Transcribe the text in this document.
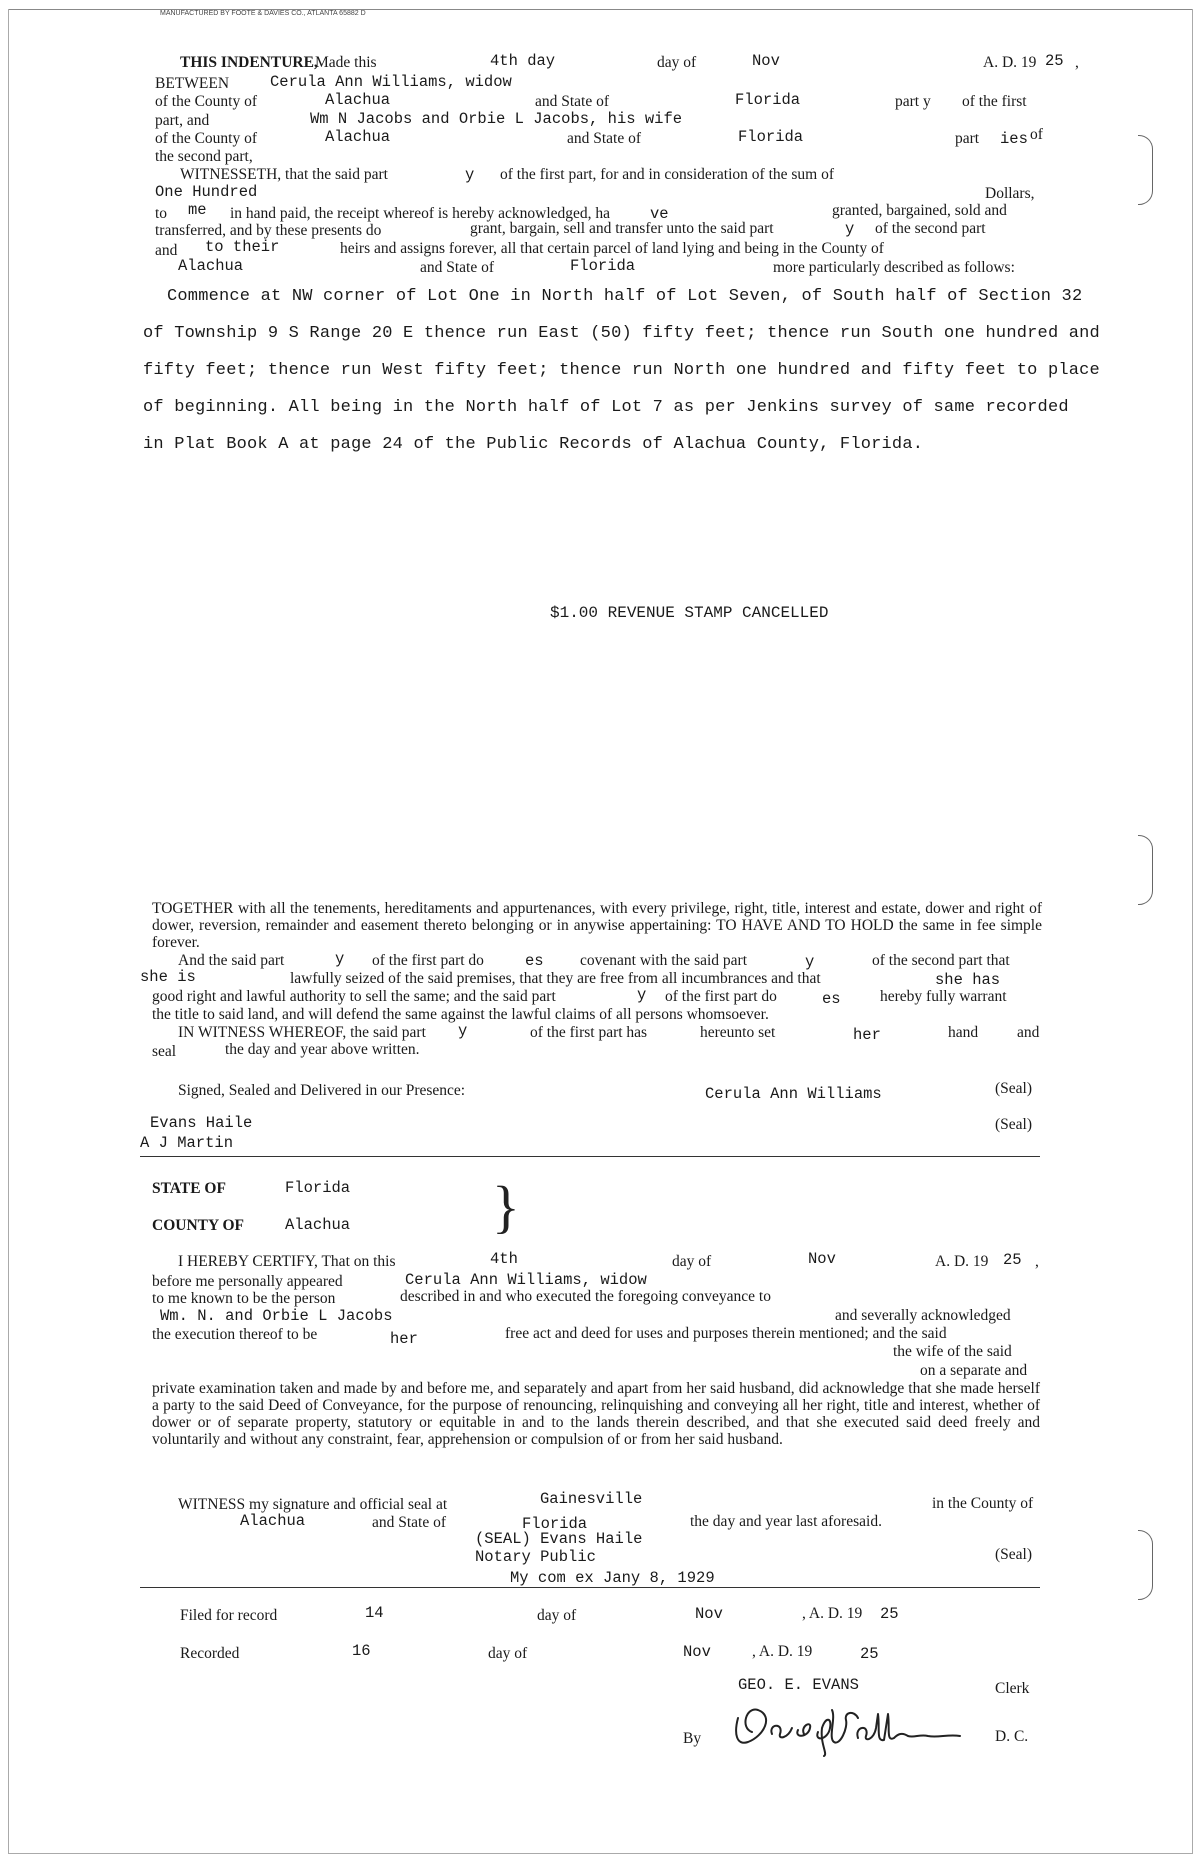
MANUFACTURED BY FOOTE & DAVIES CO., ATLANTA 65882 D
THIS INDENTURE,
Made this	4th day	day of	Nov	A. D. 19 25 ,
BETWEEN	Cerula Ann Williams, widow
of the County of	Alachua	and State of	Florida	part y of the first
part, and	Wm N Jacobs and Orbie L Jacobs, his wife
of the County of	Alachua	and State of	Florida	part ies of
the second part,
WITNESSETH, that the said part	y of the first part, for and in consideration of the sum of
One Hundred	Dollars,
to me in hand paid, the receipt whereof is hereby acknowledged, ha	ve	granted, bargained, sold and
transferred, and by these presents do	grant, bargain, sell and transfer unto the said part	y of the second part
and to their	heirs and assigns forever, all that certain parcel of land lying and being in the County of
Alachua	and State of	Florida	more particularly described as follows:
Commence at NW corner of Lot One in North half of Lot Seven, of South half of Section 32
of Township 9 S Range 20 E thence run East (50) fifty feet; thence run South one hundred and
fifty feet; thence run West fifty feet; thence run North one hundred and fifty feet to place
of beginning. All being in the North half of Lot 7 as per Jenkins survey of same recorded
in Plat Book A at page 24 of the Public Records of Alachua County, Florida.
$1.00 REVENUE STAMP CANCELLED
TOGETHER with all the tenements, hereditaments and appurtenances, with every privilege, right, title, interest and estate, dower and right of dower, reversion, remainder and easement thereto belonging or in anywise appertaining: TO HAVE AND TO HOLD the same in fee simple forever.
And the said part	y of the first part do	es covenant with the said part	y	of the second part that
she is	lawfully seized of the said premises, that they are free from all incumbrances and that	she has
good right and lawful authority to sell the same; and the said part	y of the first part do	es	hereby fully warrant
the title to said land, and will defend the same against the lawful claims of all persons whomsoever.
IN WITNESS WHEREOF, the said part y	of the first part has	hereunto set	her	hand	and
seal	the day and year above written.
Signed, Sealed and Delivered in our Presence:	Cerula Ann Williams	(Seal)
Evans Haile	(Seal)
A J Martin
STATE OF	Florida
COUNTY OF	Alachua }
I HEREBY CERTIFY, That on this	4th	day of	Nov	A. D. 19 25 ,
before me personally appeared	Cerula Ann Williams, widow
to me known to be the person	described in and who executed the foregoing conveyance to
Wm. N. and Orbie L Jacobs	and severally acknowledged
the execution thereof to be	her	free act and deed for uses and purposes therein mentioned; and the said
the wife of the said
on a separate and
private examination taken and made by and before me, and separately and apart from her said husband, did acknowledge that she made herself a party to the said Deed of Conveyance, for the purpose of renouncing, relinquishing and conveying all her right, title and interest, whether of dower or of separate property, statutory or equitable in and to the lands therein described, and that she executed said deed freely and voluntarily and without any constraint, fear, apprehension or compulsion of or from her said husband.
WITNESS my signature and official seal at	Gainesville	in the County of
Alachua	and State of	Florida	the day and year last aforesaid.
(SEAL) Evans Haile
Notary Public	(Seal)
My com ex Jany 8, 1929
Filed for record	14	day of	Nov	, A. D. 19 25
Recorded	16	day of	Nov	, A. D. 19	25
GEO. E. EVANS	Clerk
By	D. C.
